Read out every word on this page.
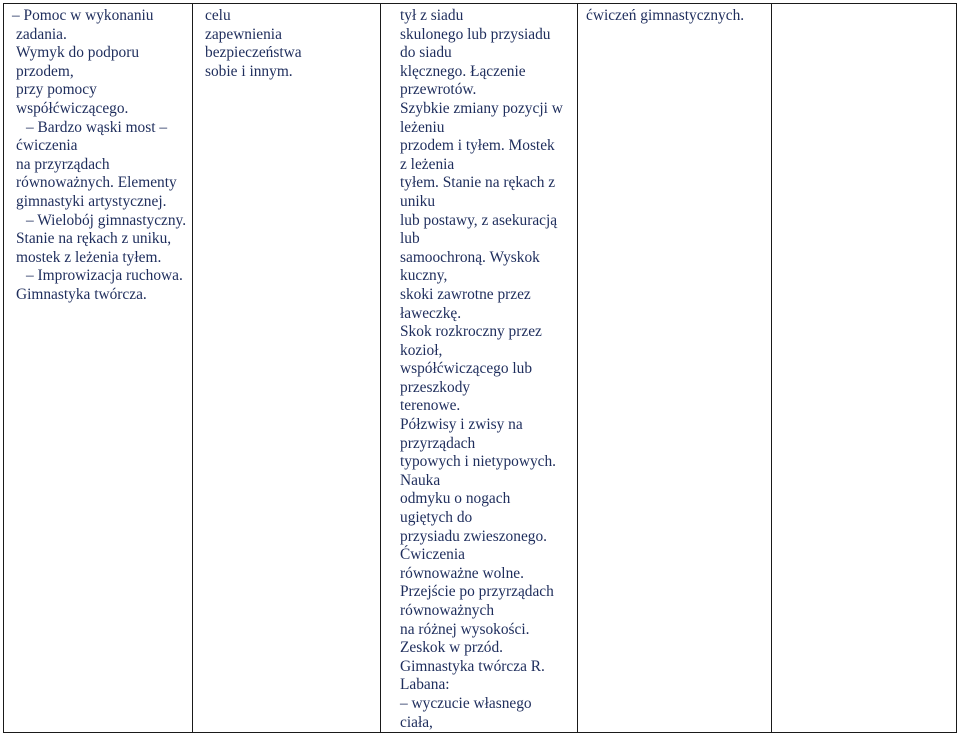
– Pomoc w wykonaniu
zadania.
Wymyk do podporu
przodem,
przy pomocy
współćwiczącego.
– Bardzo wąski most –
ćwiczenia
na przyrządach
równoważnych. Elementy
gimnastyki artystycznej.
– Wielobój gimnastyczny.
Stanie na rękach z uniku,
mostek z leżenia tyłem.
– Improwizacja ruchowa.
Gimnastyka twórcza.

celu
zapewnienia
bezpieczeństwa
sobie i innym.

tył z siadu
skulonego lub przysiadu
do siadu
klęcznego. Łączenie
przewrotów.
Szybkie zmiany pozycji w
leżeniu
przodem i tyłem. Mostek
z leżenia
tyłem. Stanie na rękach z
uniku
lub postawy, z asekuracją
lub
samoochroną. Wyskok
kuczny,
skoki zawrotne przez
ławeczkę.
Skok rozkroczny przez
kozioł,
współćwiczącego lub
przeszkody
terenowe.
Półzwisy i zwisy na
przyrządach
typowych i nietypowych.
Nauka
odmyku o nogach
ugiętych do
przysiadu zwieszonego.
Ćwiczenia
równoważne wolne.
Przejście po przyrządach
równoważnych
na różnej wysokości.
Zeskok w przód.
Gimnastyka twórcza R.
Labana:
– wyczucie własnego
ciała,

ćwiczeń gimnastycznych.
